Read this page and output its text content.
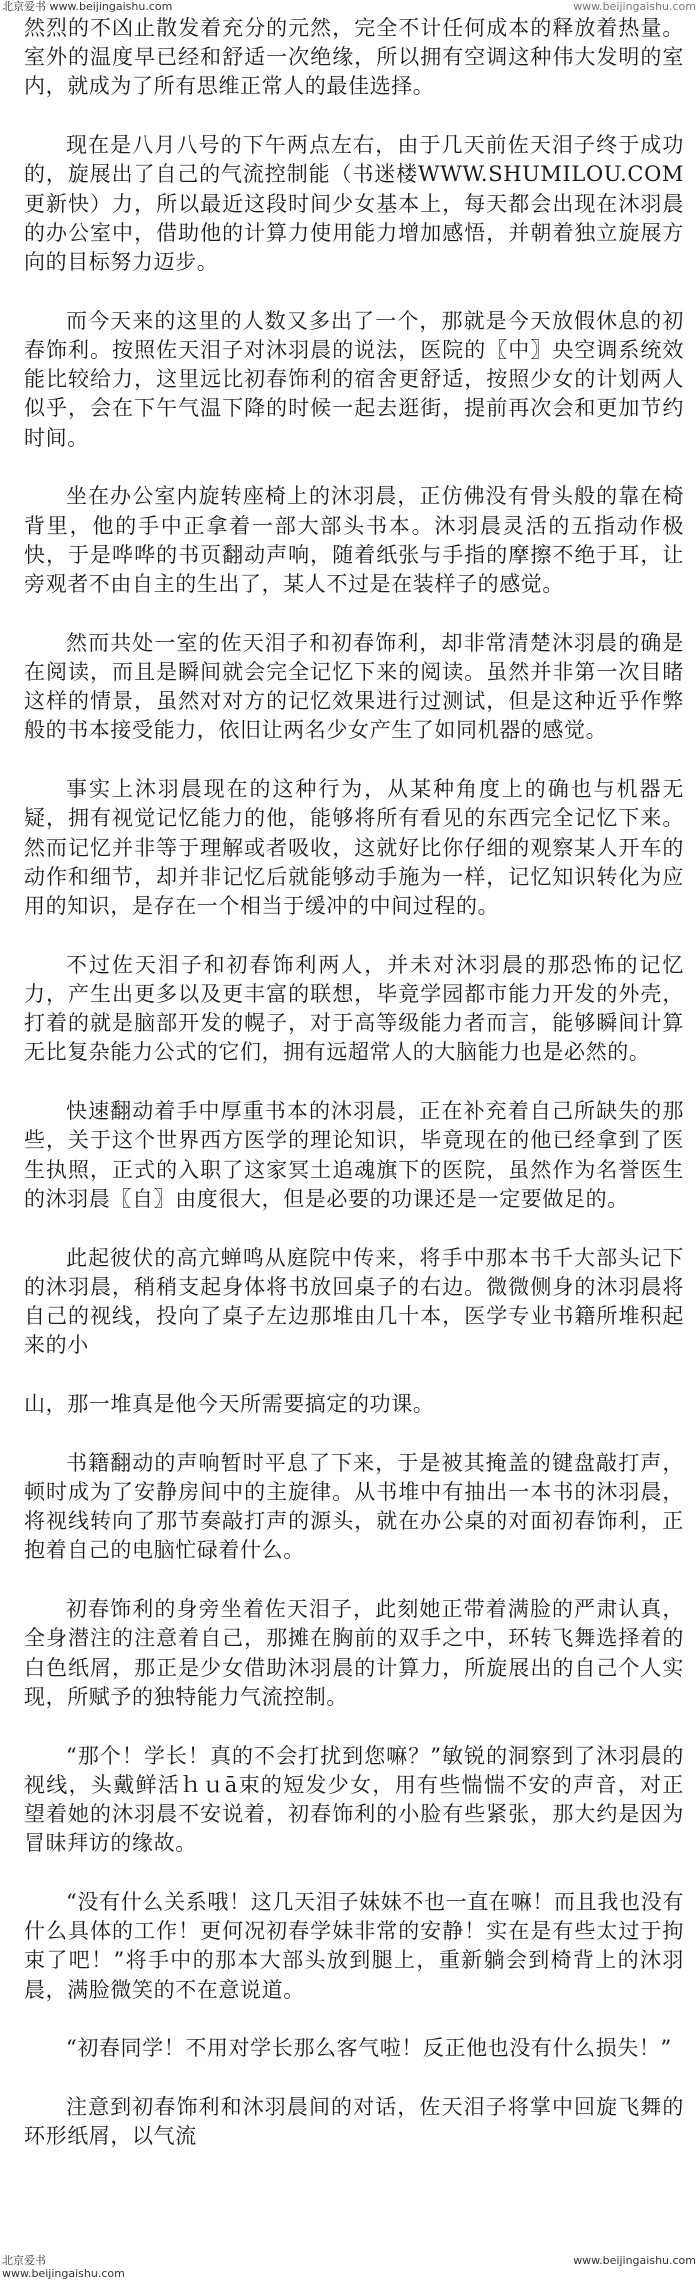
北京爱书 www.beijingaishu.com	www.beijingaishu.com

然烈的不凶止散发着充分的元然，完全不计任何成本的释放着热量。室外的温度早已经和舒适一次绝缘，所以拥有空调这种伟大发明的室内，就成为了所有思维正常人的最佳选择。

现在是八月八号的下午两点左右，由于几天前佐天泪子终于成功的，旋展出了自己的气流控制能（书迷楼WWW.SHUMILOU.COM更新快）力，所以最近这段时间少女基本上，每天都会出现在沐羽晨的办公室中，借助他的计算力使用能力增加感悟，并朝着独立旋展方向的目标努力迈步。

而今天来的这里的人数又多出了一个，那就是今天放假休息的初春饰利。按照佐天泪子对沐羽晨的说法，医院的〖中〗央空调系统效能比较给力，这里远比初春饰利的宿舍更舒适，按照少女的计划两人似乎，会在下午气温下降的时候一起去逛街，提前再次会和更加节约时间。

坐在办公室内旋转座椅上的沐羽晨，正仿佛没有骨头般的靠在椅背里，他的手中正拿着一部大部头书本。沐羽晨灵活的五指动作极快，于是哗哗的书页翻动声响，随着纸张与手指的摩擦不绝于耳，让旁观者不由自主的生出了，某人不过是在装样子的感觉。

然而共处一室的佐天泪子和初春饰利，却非常清楚沐羽晨的确是在阅读，而且是瞬间就会完全记忆下来的阅读。虽然并非第一次目睹这样的情景，虽然对对方的记忆效果进行过测试，但是这种近乎作弊般的书本接受能力，依旧让两名少女产生了如同机器的感觉。

事实上沐羽晨现在的这种行为，从某种角度上的确也与机器无疑，拥有视觉记忆能力的他，能够将所有看见的东西完全记忆下来。然而记忆并非等于理解或者吸收，这就好比你仔细的观察某人开车的动作和细节，却并非记忆后就能够动手施为一样，记忆知识转化为应用的知识，是存在一个相当于缓冲的中间过程的。

不过佐天泪子和初春饰利两人，并未对沐羽晨的那恐怖的记忆力，产生出更多以及更丰富的联想，毕竟学园都市能力开发的外壳，打着的就是脑部开发的幌子，对于高等级能力者而言，能够瞬间计算无比复杂能力公式的它们，拥有远超常人的大脑能力也是必然的。

快速翻动着手中厚重书本的沐羽晨，正在补充着自己所缺失的那些，关于这个世界西方医学的理论知识，毕竟现在的他已经拿到了医生执照，正式的入职了这家冥土追魂旗下的医院，虽然作为名誉医生的沐羽晨〖自〗由度很大，但是必要的功课还是一定要做足的。

此起彼伏的高亢蝉鸣从庭院中传来，将手中那本书千大部头记下的沐羽晨，稍稍支起身体将书放回桌子的右边。微微侧身的沐羽晨将自己的视线，投向了桌子左边那堆由几十本，医学专业书籍所堆积起来的小

山，那一堆真是他今天所需要搞定的功课。

书籍翻动的声响暂时平息了下来，于是被其掩盖的键盘敲打声，顿时成为了安静房间中的主旋律。从书堆中有抽出一本书的沐羽晨，将视线转向了那节奏敲打声的源头，就在办公桌的对面初春饰利，正抱着自己的电脑忙碌着什么。

初春饰利的身旁坐着佐天泪子，此刻她正带着满脸的严肃认真，全身潜注的注意着自己，那摊在胸前的双手之中，环转飞舞选择着的白色纸屑，那正是少女借助沐羽晨的计算力，所旋展出的自己个人实现，所赋予的独特能力气流控制。

“那个！学长！真的不会打扰到您嘛？”敏锐的洞察到了沐羽晨的视线，头戴鲜活ｈｕā束的短发少女，用有些惴惴不安的声音，对正望着她的沐羽晨不安说着，初春饰利的小脸有些紧张，那大约是因为冒昧拜访的缘故。

“没有什么关系哦！这几天泪子妹妹不也一直在嘛！而且我也没有什么具体的工作！更何况初春学妹非常的安静！实在是有些太过于拘束了吧！”将手中的那本大部头放到腿上，重新躺会到椅背上的沐羽晨，满脸微笑的不在意说道。

“初春同学！不用对学长那么客气啦！反正他也没有什么损失！”

注意到初春饰利和沐羽晨间的对话，佐天泪子将掌中回旋飞舞的环形纸屑，以气流

北京爱书
www.beijingaishu.com
www.beijingaishu.com
